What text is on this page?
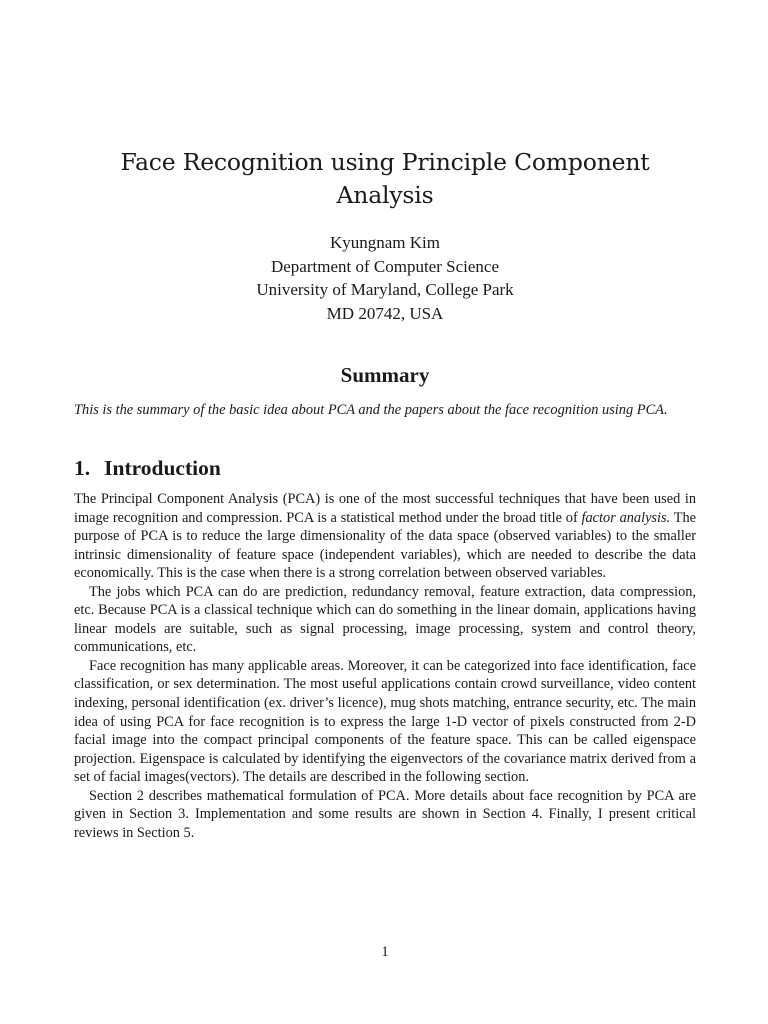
Face Recognition using Principle Component Analysis
Kyungnam Kim
Department of Computer Science
University of Maryland, College Park
MD 20742, USA
Summary

This is the summary of the basic idea about PCA and the papers about the face recognition using PCA.

1. Introduction

The Principal Component Analysis (PCA) is one of the most successful techniques that have been used in image recognition and compression. PCA is a statistical method under the broad title of factor analysis. The purpose of PCA is to reduce the large dimensionality of the data space (observed variables) to the smaller intrinsic dimensionality of feature space (independent variables), which are needed to describe the data economically. This is the case when there is a strong correlation between observed variables.

The jobs which PCA can do are prediction, redundancy removal, feature extraction, data compression, etc. Because PCA is a classical technique which can do something in the linear domain, applications having linear models are suitable, such as signal processing, image processing, system and control theory, communications, etc.

Face recognition has many applicable areas. Moreover, it can be categorized into face identification, face classification, or sex determination. The most useful applications contain crowd surveillance, video content indexing, personal identification (ex. driver’s licence), mug shots matching, entrance security, etc. The main idea of using PCA for face recognition is to express the large 1-D vector of pixels constructed from 2-D facial image into the compact principal components of the feature space. This can be called eigenspace projection. Eigenspace is calculated by identifying the eigenvectors of the covariance matrix derived from a set of facial images(vectors). The details are described in the following section.

Section 2 describes mathematical formulation of PCA. More details about face recognition by PCA are given in Section 3. Implementation and some results are shown in Section 4. Finally, I present critical reviews in Section 5.

1
